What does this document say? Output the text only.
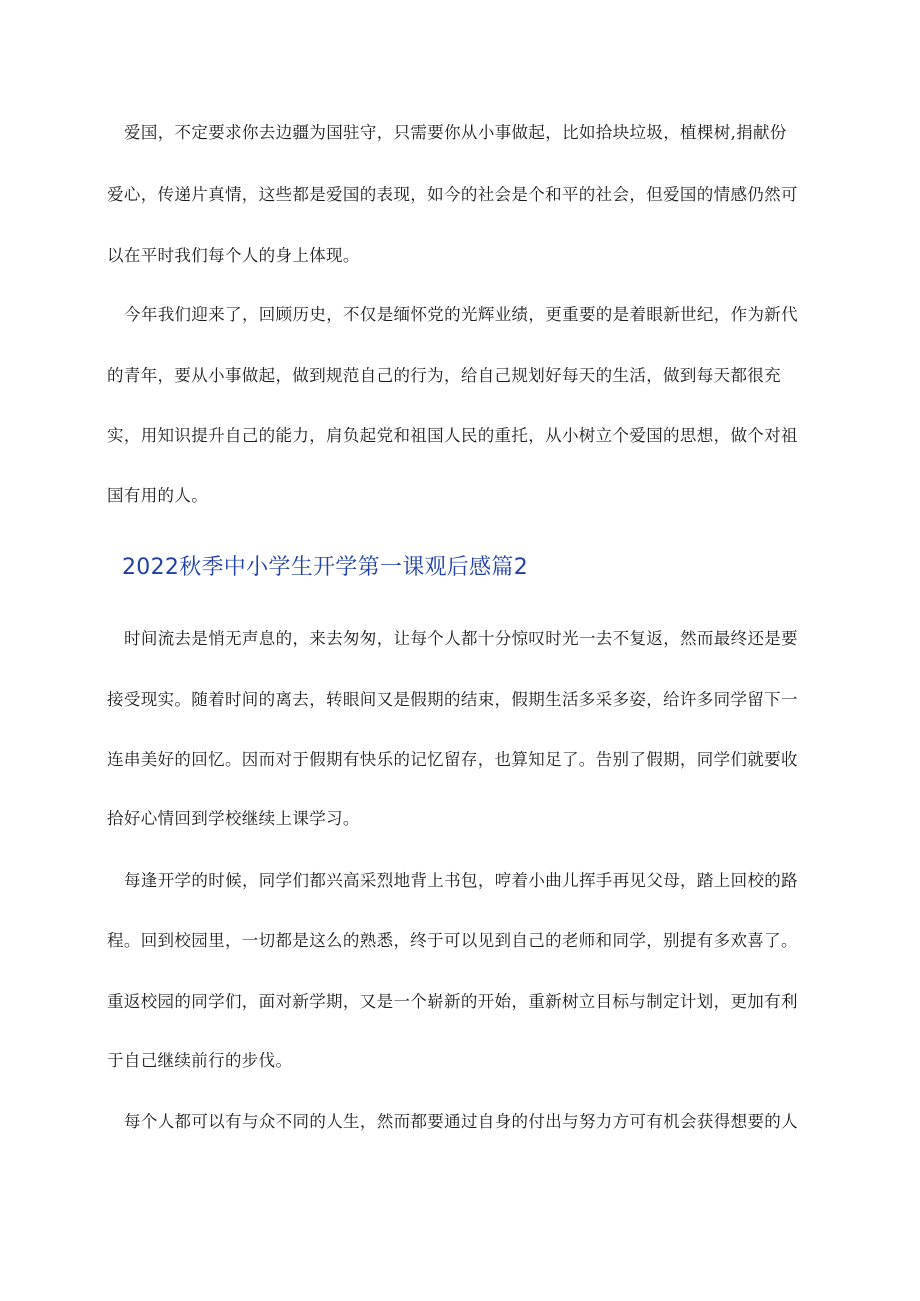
爱国，不定要求你去边疆为国驻守，只需要你从小事做起，比如拾块垃圾，植棵树,捐献份
爱心，传递片真情，这些都是爱国的表现，如今的社会是个和平的社会，但爱国的情感仍然可
以在平时我们每个人的身上体现。
今年我们迎来了，回顾历史，不仅是缅怀党的光辉业绩，更重要的是着眼新世纪，作为新代
的青年，要从小事做起，做到规范自己的行为，给自己规划好每天的生活，做到每天都很充
实，用知识提升自己的能力，肩负起党和祖国人民的重托，从小树立个爱国的思想，做个对祖
国有用的人。
2022秋季中小学生开学第一课观后感篇2
时间流去是悄无声息的，来去匆匆，让每个人都十分惊叹时光一去不复返，然而最终还是要
接受现实。随着时间的离去，转眼间又是假期的结束，假期生活多采多姿，给许多同学留下一
连串美好的回忆。因而对于假期有快乐的记忆留存，也算知足了。告别了假期，同学们就要收
拾好心情回到学校继续上课学习。
每逢开学的时候，同学们都兴高采烈地背上书包，哼着小曲儿挥手再见父母，踏上回校的路
程。回到校园里，一切都是这么的熟悉，终于可以见到自己的老师和同学，别提有多欢喜了。
重返校园的同学们，面对新学期，又是一个崭新的开始，重新树立目标与制定计划，更加有利
于自己继续前行的步伐。
每个人都可以有与众不同的人生，然而都要通过自身的付出与努力方可有机会获得想要的人
